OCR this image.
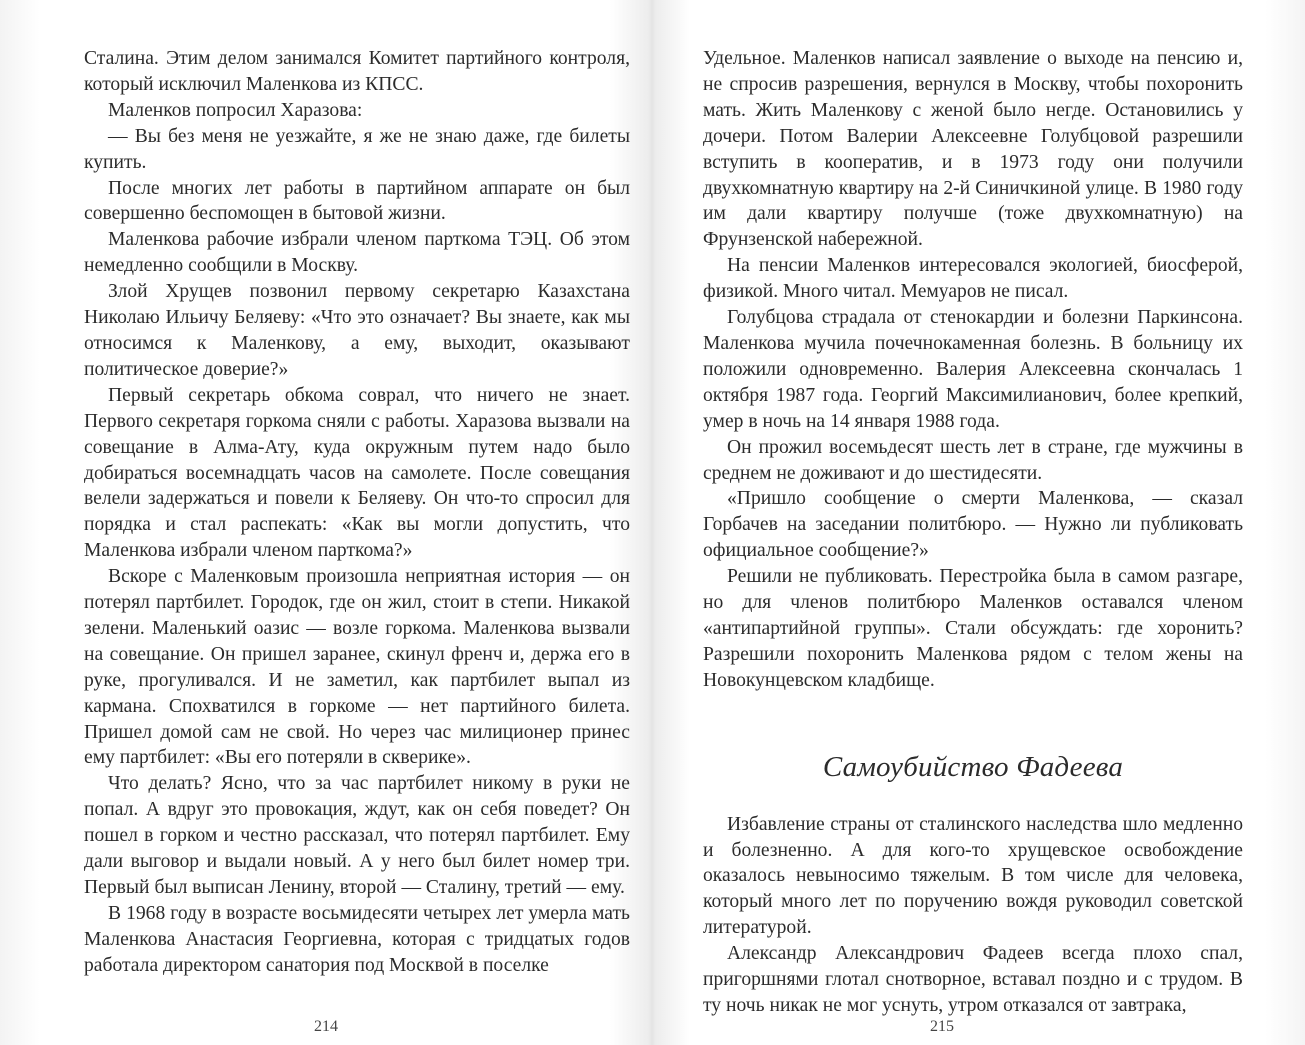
Сталина. Этим делом занимался Комитет партийного контроля, который исключил Маленкова из КПСС.

Маленков попросил Харазова:

— Вы без меня не уезжайте, я же не знаю даже, где билеты купить.

После многих лет работы в партийном аппарате он был совершенно беспомощен в бытовой жизни.

Маленкова рабочие избрали членом парткома ТЭЦ. Об этом немедленно сообщили в Москву.

Злой Хрущев позвонил первому секретарю Казахстана Николаю Ильичу Беляеву: «Что это означает? Вы знаете, как мы относимся к Маленкову, а ему, выходит, оказывают политическое доверие?»

Первый секретарь обкома соврал, что ничего не знает. Первого секретаря горкома сняли с работы. Харазова вызвали на совещание в Алма-Ату, куда окружным путем надо было добираться восемнадцать часов на самолете. После совещания велели задержаться и повели к Беляеву. Он что-то спросил для порядка и стал распекать: «Как вы могли допустить, что Маленкова избрали членом парткома?»

Вскоре с Маленковым произошла неприятная история — он потерял партбилет. Городок, где он жил, стоит в степи. Никакой зелени. Маленький оазис — возле горкома. Маленкова вызвали на совещание. Он пришел заранее, скинул френч и, держа его в руке, прогуливался. И не заметил, как партбилет выпал из кармана. Спохватился в горкоме — нет партийного билета. Пришел домой сам не свой. Но через час милиционер принес ему партбилет: «Вы его потеряли в скверике».

Что делать? Ясно, что за час партбилет никому в руки не попал. А вдруг это провокация, ждут, как он себя поведет? Он пошел в горком и честно рассказал, что потерял партбилет. Ему дали выговор и выдали новый. А у него был билет номер три. Первый был выписан Ленину, второй — Сталину, третий — ему.

В 1968 году в возрасте восьмидесяти четырех лет умерла мать Маленкова Анастасия Георгиевна, которая с тридцатых годов работала директором санатория под Москвой в поселке

214

Удельное. Маленков написал заявление о выходе на пенсию и, не спросив разрешения, вернулся в Москву, чтобы похоронить мать. Жить Маленкову с женой было негде. Остановились у дочери. Потом Валерии Алексеевне Голубцовой разрешили вступить в кооператив, и в 1973 году они получили двухкомнатную квартиру на 2-й Синичкиной улице. В 1980 году им дали квартиру получше (тоже двухкомнатную) на Фрунзенской набережной.

На пенсии Маленков интересовался экологией, биосферой, физикой. Много читал. Мемуаров не писал.

Голубцова страдала от стенокардии и болезни Паркинсона. Маленкова мучила почечнокаменная болезнь. В больницу их положили одновременно. Валерия Алексеевна скончалась 1 октября 1987 года. Георгий Максимилианович, более крепкий, умер в ночь на 14 января 1988 года.

Он прожил восемьдесят шесть лет в стране, где мужчины в среднем не доживают и до шестидесяти.

«Пришло сообщение о смерти Маленкова, — сказал Горбачев на заседании политбюро. — Нужно ли публиковать официальное сообщение?»

Решили не публиковать. Перестройка была в самом разгаре, но для членов политбюро Маленков оставался членом «антипартийной группы». Стали обсуждать: где хоронить? Разрешили похоронить Маленкова рядом с телом жены на Новокунцевском кладбище.

Самоубийство Фадеева

Избавление страны от сталинского наследства шло медленно и болезненно. А для кого-то хрущевское освобождение оказалось невыносимо тяжелым. В том числе для человека, который много лет по поручению вождя руководил советской литературой.

Александр Александрович Фадеев всегда плохо спал, пригоршнями глотал снотворное, вставал поздно и с трудом. В ту ночь никак не мог уснуть, утром отказался от завтрака,

215
